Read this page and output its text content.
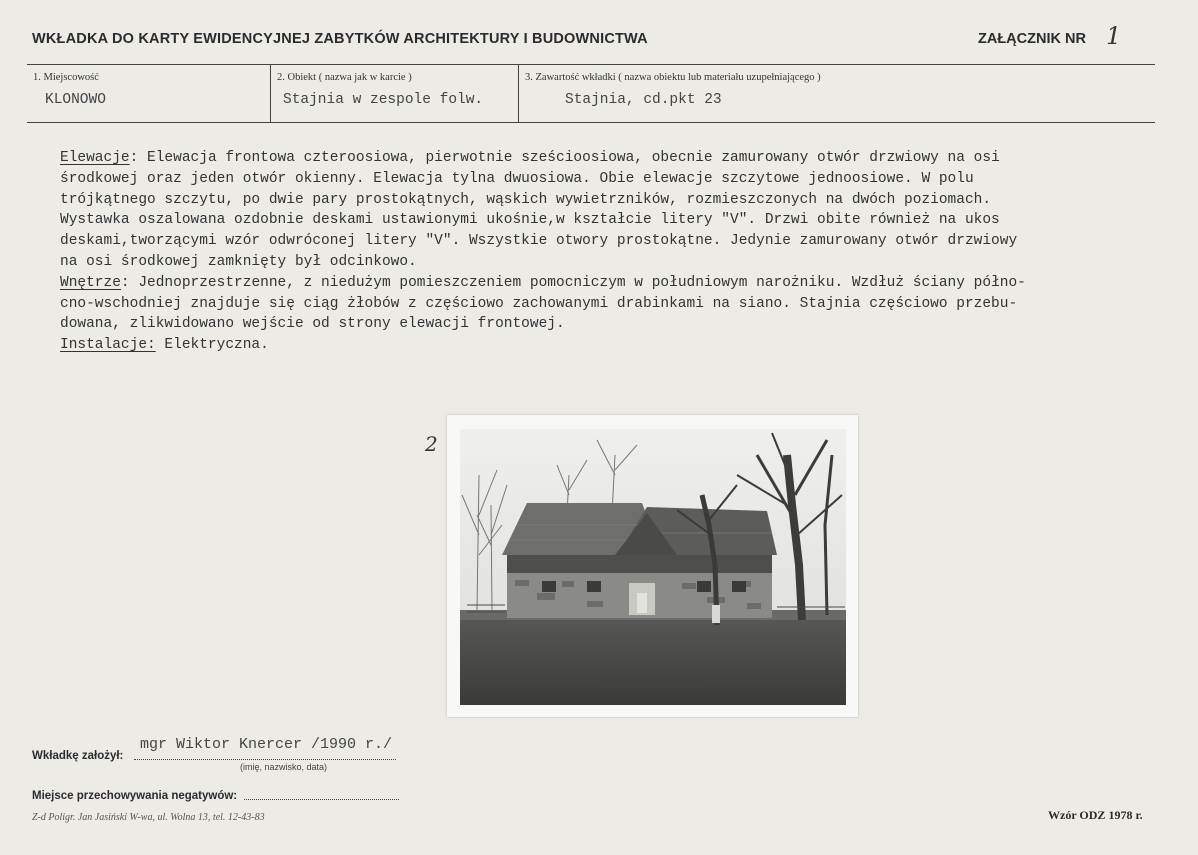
WKŁADKA DO KARTY EWIDENCYJNEJ ZABYTKÓW ARCHITEKTURY I BUDOWNICTWA	ZAŁĄCZNIK NR 1
1. Miejscowość
KLONOWO
2. Obiekt ( nazwa jak w karcie )
Stajnia w zespole folw.
3. Zawartość wkładki ( nazwa obiektu lub materiału uzupełniającego )
Stajnia, cd.pkt 23
Elewacje: Elewacja frontowa czteroosiowa, pierwotnie sześcioosiowa, obecnie zamurowany otwór drzwiowy na osi
środkowej oraz jeden otwór okienny. Elewacja tylna dwuosiowa. Obie elewacje szczytowe jednoosiowe. W polu
trójkątnego szczytu, po dwie pary prostokątnych, wąskich wywietrzników, rozmieszczonych na dwóch poziomach.
Wystawka oszalowana ozdobnie deskami ustawionymi ukośnie,w kształcie litery "V". Drzwi obite również na ukos
deskami,tworzącymi wzór odwróconej litery "V". Wszystkie otwory prostokątne. Jedynie zamurowany otwór drzwiowy
na osi środkowej zamknięty był odcinkowo.
Wnętrze: Jednoprzestrzenne, z niedużym pomieszczeniem pomocniczym w południowym narożniku. Wzdłuż ściany półno-
cno-wschodniej znajduje się ciąg żłobów z częściowo zachowanymi drabinkami na siano. Stajnia częściowo przebu-
dowana, zlikwidowano wejście od strony elewacji frontowej.
Instalacje: Elektryczna.
2
mgr Wiktor Knercer /1990 r./
Wkładkę założył:
(imię, nazwisko, data)
Miejsce przechowywania negatywów:
Z-d Poligr. Jan Jasiński W-wa, ul. Wolna 13, tel. 12-43-83	Wzór ODZ 1978 r.
